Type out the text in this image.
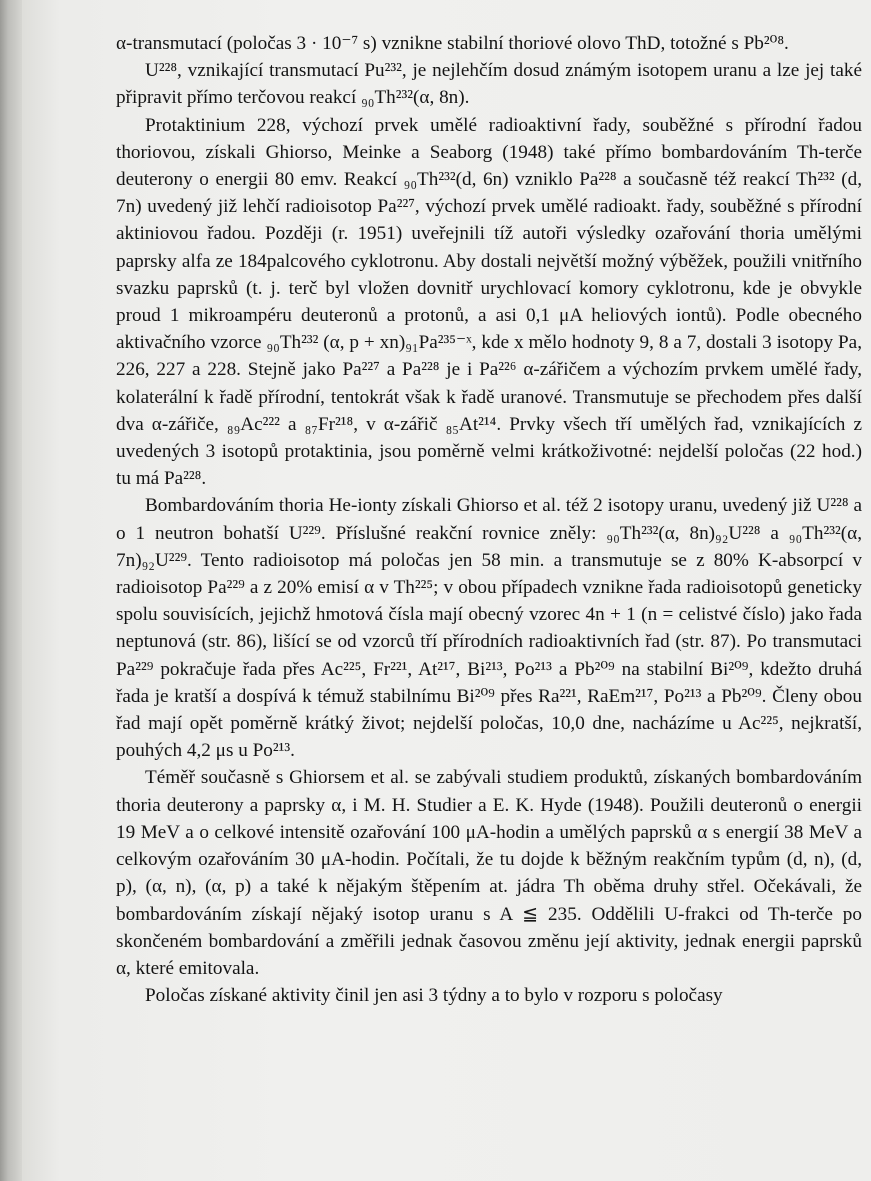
α-transmutací (poločas 3 · 10⁻⁷ s) vznikne stabilní thoriové olovo ThD, totožné s Pb²⁰⁸.

U²²⁸, vznikající transmutací Pu²³², je nejlehčím dosud známým isotopem uranu a lze jej také připravit přímo terčovou reakcí ₉₀Th²³²(α, 8n).

Protaktinium 228, výchozí prvek umělé radioaktivní řady, souběžné s přírodní řadou thoriovou, získali Ghiorso, Meinke a Seaborg (1948) také přímo bombardováním Th-terče deuterony o energii 80 emv. Reakcí ₉₀Th²³²(d, 6n) vzniklo Pa²²⁸ a současně též reakcí Th²³² (d, 7n) uvedený již lehčí radioisotop Pa²²⁷, výchozí prvek umělé radioakt. řady, souběžné s přírodní aktiniovou řadou. Později (r. 1951) uveřejnili tíž autoři výsledky ozařování thoria umělými paprsky alfa ze 184palcového cyklotronu. Aby dostali největší možný výběžek, použili vnitřního svazku paprsků (t. j. terč byl vložen dovnitř urychlovací komory cyklotronu, kde je obvykle proud 1 mikroampéru deuteronů a protonů, a asi 0,1 μA heliových iontů). Podle obecného aktivačního vzorce ₉₀Th²³² (α, p + xn)₉₁Pa²³⁵⁻ˣ, kde x mělo hodnoty 9, 8 a 7, dostali 3 isotopy Pa, 226, 227 a 228. Stejně jako Pa²²⁷ a Pa²²⁸ je i Pa²²⁶ α-zářičem a výchozím prvkem umělé řady, kolaterální k řadě přírodní, tentokrát však k řadě uranové. Transmutuje se přechodem přes další dva α-zářiče, ₈₉Ac²²² a ₈₇Fr²¹⁸, v α-zářič ₈₅At²¹⁴. Prvky všech tří umělých řad, vznikajících z uvedených 3 isotopů protaktinia, jsou poměrně velmi krátkoživotné: nejdelší poločas (22 hod.) tu má Pa²²⁸.

Bombardováním thoria He-ionty získali Ghiorso et al. též 2 isotopy uranu, uvedený již U²²⁸ a o 1 neutron bohatší U²²⁹. Příslušné reakční rovnice zněly: ₉₀Th²³²(α, 8n)₉₂U²²⁸ a ₉₀Th²³²(α, 7n)₉₂U²²⁹. Tento radioisotop má poločas jen 58 min. a transmutuje se z 80% K-absorpcí v radioisotop Pa²²⁹ a z 20% emisí α v Th²²⁵; v obou případech vznikne řada radioisotopů geneticky spolu souvisících, jejichž hmotová čísla mají obecný vzorec 4n + 1 (n = celistvé číslo) jako řada neptunová (str. 86), lišící se od vzorců tří přírodních radioaktivních řad (str. 87). Po transmutaci Pa²²⁹ pokračuje řada přes Ac²²⁵, Fr²²¹, At²¹⁷, Bi²¹³, Po²¹³ a Pb²⁰⁹ na stabilní Bi²⁰⁹, kdežto druhá řada je kratší a dospívá k témuž stabilnímu Bi²⁰⁹ přes Ra²²¹, RaEm²¹⁷, Po²¹³ a Pb²⁰⁹. Členy obou řad mají opět poměrně krátký život; nejdelší poločas, 10,0 dne, nacházíme u Ac²²⁵, nejkratší, pouhých 4,2 μs u Po²¹³.

Téměř současně s Ghiorsem et al. se zabývali studiem produktů, získaných bombardováním thoria deuterony a paprsky α, i M. H. Studier a E. K. Hyde (1948). Použili deuteronů o energii 19 MeV a o celkové intensitě ozařování 100 μA-hodin a umělých paprsků α s energií 38 MeV a celkovým ozařováním 30 μA-hodin. Počítali, že tu dojde k běžným reakčním typům (d, n), (d, p), (α, n), (α, p) a také k nějakým štěpením at. jádra Th oběma druhy střel. Očekávali, že bombardováním získají nějaký isotop uranu s A ≦ 235. Oddělili U-frakci od Th-terče po skončeném bombardování a změřili jednak časovou změnu její aktivity, jednak energii paprsků α, které emitovala.

Poločas získané aktivity činil jen asi 3 týdny a to bylo v rozporu s poločasy
